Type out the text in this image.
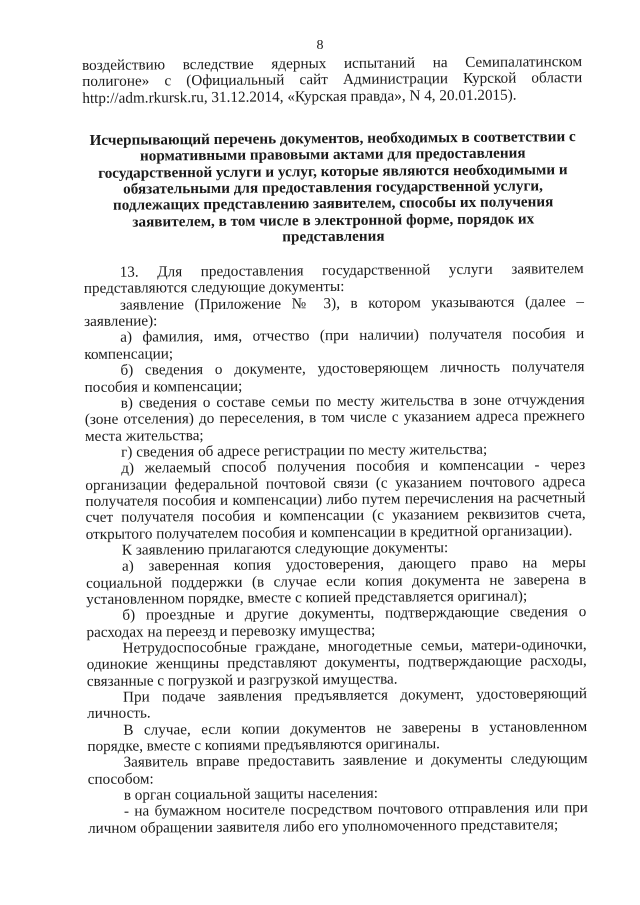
8

воздействию вследствие ядерных испытаний на Семипалатинском полигоне» с (Официальный сайт Администрации Курской области http://adm.rkursk.ru, 31.12.2014, «Курская правда», N 4, 20.01.2015).

Исчерпывающий перечень документов, необходимых в соответствии с нормативными правовыми актами для предоставления государственной услуги и услуг, которые являются необходимыми и обязательными для предоставления государственной услуги, подлежащих представлению заявителем, способы их получения заявителем, в том числе в электронной форме, порядок их представления

13. Для предоставления государственной услуги заявителем представляются следующие документы:

заявление (Приложение № 3), в котором указываются (далее – заявление):

а) фамилия, имя, отчество (при наличии) получателя пособия и компенсации;

б) сведения о документе, удостоверяющем личность получателя пособия и компенсации;

в) сведения о составе семьи по месту жительства в зоне отчуждения (зоне отселения) до переселения, в том числе с указанием адреса прежнего места жительства;

г) сведения об адресе регистрации по месту жительства;

д) желаемый способ получения пособия и компенсации - через организации федеральной почтовой связи (с указанием почтового адреса получателя пособия и компенсации) либо путем перечисления на расчетный счет получателя пособия и компенсации (с указанием реквизитов счета, открытого получателем пособия и компенсации в кредитной организации).

К заявлению прилагаются следующие документы:

а) заверенная копия удостоверения, дающего право на меры социальной поддержки (в случае если копия документа не заверена в установленном порядке, вместе с копией представляется оригинал);

б) проездные и другие документы, подтверждающие сведения о расходах на переезд и перевозку имущества;

Нетрудоспособные граждане, многодетные семьи, матери-одиночки, одинокие женщины представляют документы, подтверждающие расходы, связанные с погрузкой и разгрузкой имущества.

При подаче заявления предъявляется документ, удостоверяющий личность.

В случае, если копии документов не заверены в установленном порядке, вместе с копиями предъявляются оригиналы.

Заявитель вправе предоставить заявление и документы следующим способом:

в орган социальной защиты населения:

- на бумажном носителе посредством почтового отправления или при личном обращении заявителя либо его уполномоченного представителя;
